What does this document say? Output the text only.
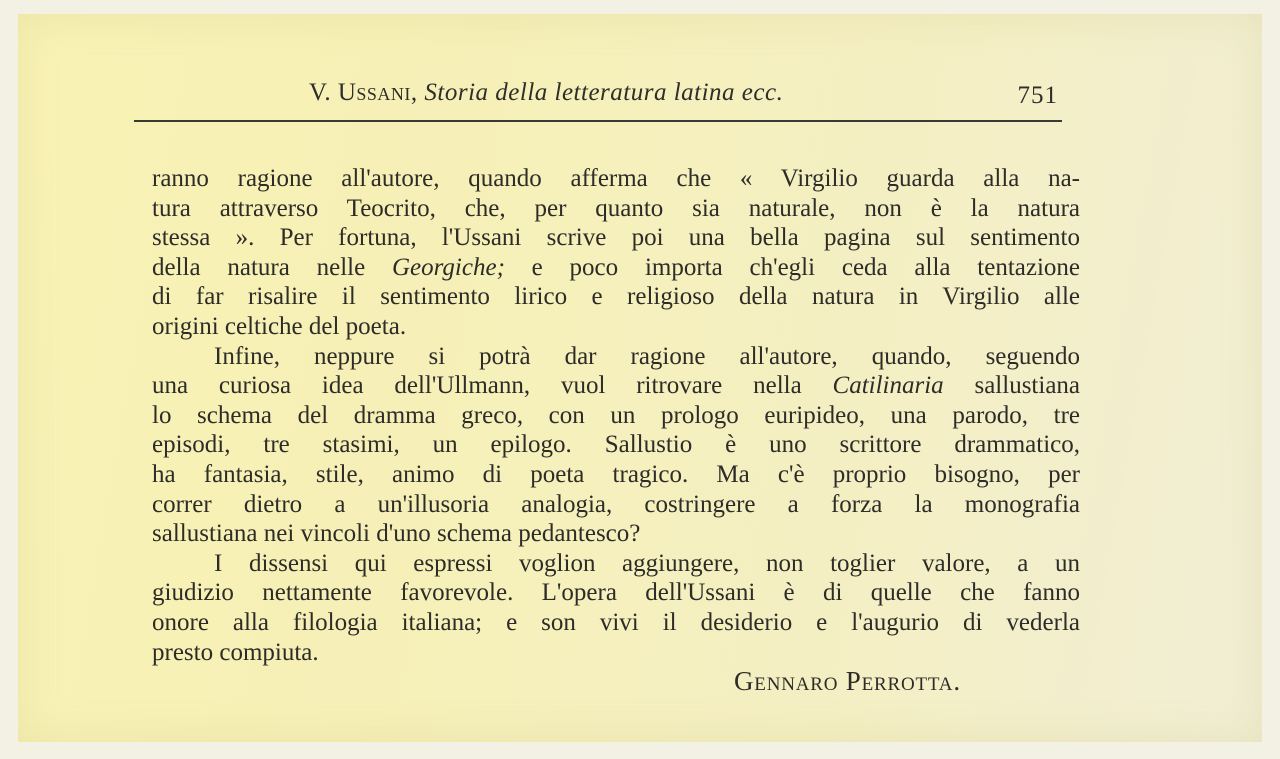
V. Ussani, Storia della letteratura latina ecc.	751
ranno ragione all'autore, quando afferma che « Virgilio guarda alla na-
tura attraverso Teocrito, che, per quanto sia naturale, non è la natura
stessa ». Per fortuna, l'Ussani scrive poi una bella pagina sul sentimento
della natura nelle Georgiche; e poco importa ch'egli ceda alla tentazione
di far risalire il sentimento lirico e religioso della natura in Virgilio alle
origini celtiche del poeta.
Infine, neppure si potrà dar ragione all'autore, quando, seguendo
una curiosa idea dell'Ullmann, vuol ritrovare nella Catilinaria sallustiana
lo schema del dramma greco, con un prologo euripideo, una parodo, tre
episodi, tre stasimi, un epilogo. Sallustio è uno scrittore drammatico,
ha fantasia, stile, animo di poeta tragico. Ma c'è proprio bisogno, per
correr dietro a un'illusoria analogia, costringere a forza la monografia
sallustiana nei vincoli d'uno schema pedantesco?
I dissensi qui espressi voglion aggiungere, non toglier valore, a un
giudizio nettamente favorevole. L'opera dell'Ussani è di quelle che fanno
onore alla filologia italiana; e son vivi il desiderio e l'augurio di vederla
presto compiuta.
Gennaro Perrotta.
